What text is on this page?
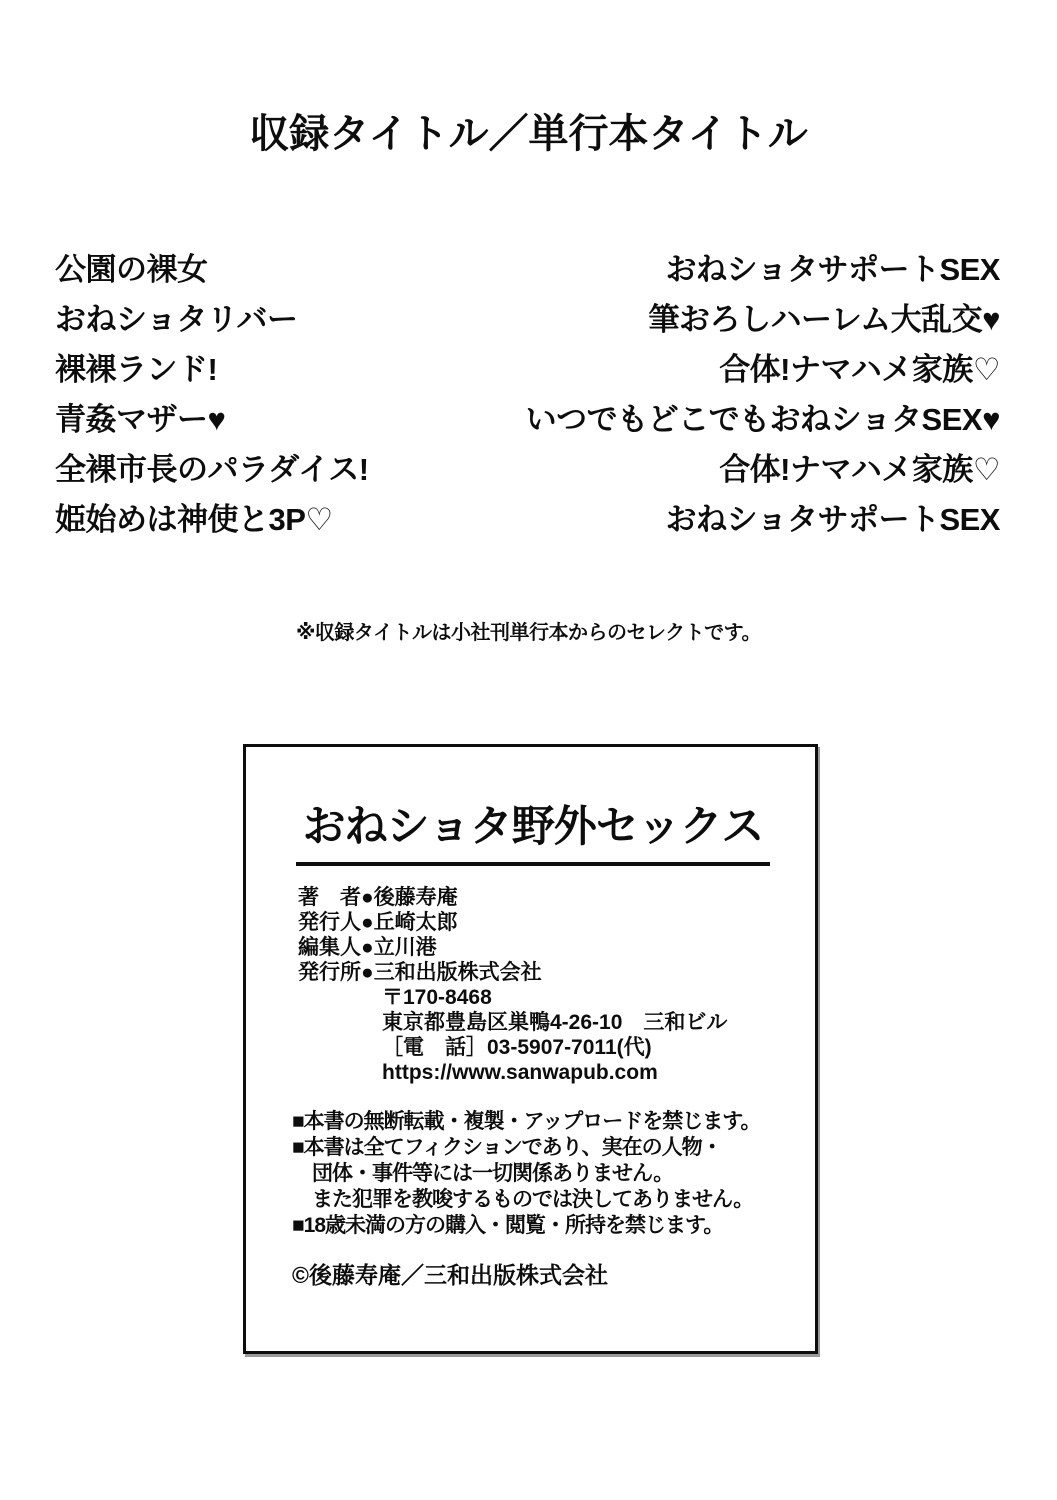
収録タイトル／単行本タイトル
公園の裸女	おねショタサポートSEX
おねショタリバー	筆おろしハーレム大乱交♥
裸裸ランド!	合体!ナマハメ家族♡
青姦マザー♥	いつでもどこでもおねショタSEX♥
全裸市長のパラダイス!	合体!ナマハメ家族♡
姫始めは神使と3P♡	おねショタサポートSEX

※収録タイトルは小社刊単行本からのセレクトです。

おねショタ野外セックス
著　者●後藤寿庵
発行人●丘崎太郎
編集人●立川港
発行所●三和出版株式会社
〒170-8468
東京都豊島区巣鴨4-26-10　三和ビル
［電　話］03-5907-7011(代)
https://www.sanwapub.com
■本書の無断転載・複製・アップロードを禁じます。
■本書は全てフィクションであり、実在の人物・
　団体・事件等には一切関係ありません。
　また犯罪を教唆するものでは決してありません。
■18歳未満の方の購入・閲覧・所持を禁じます。

©後藤寿庵／三和出版株式会社
